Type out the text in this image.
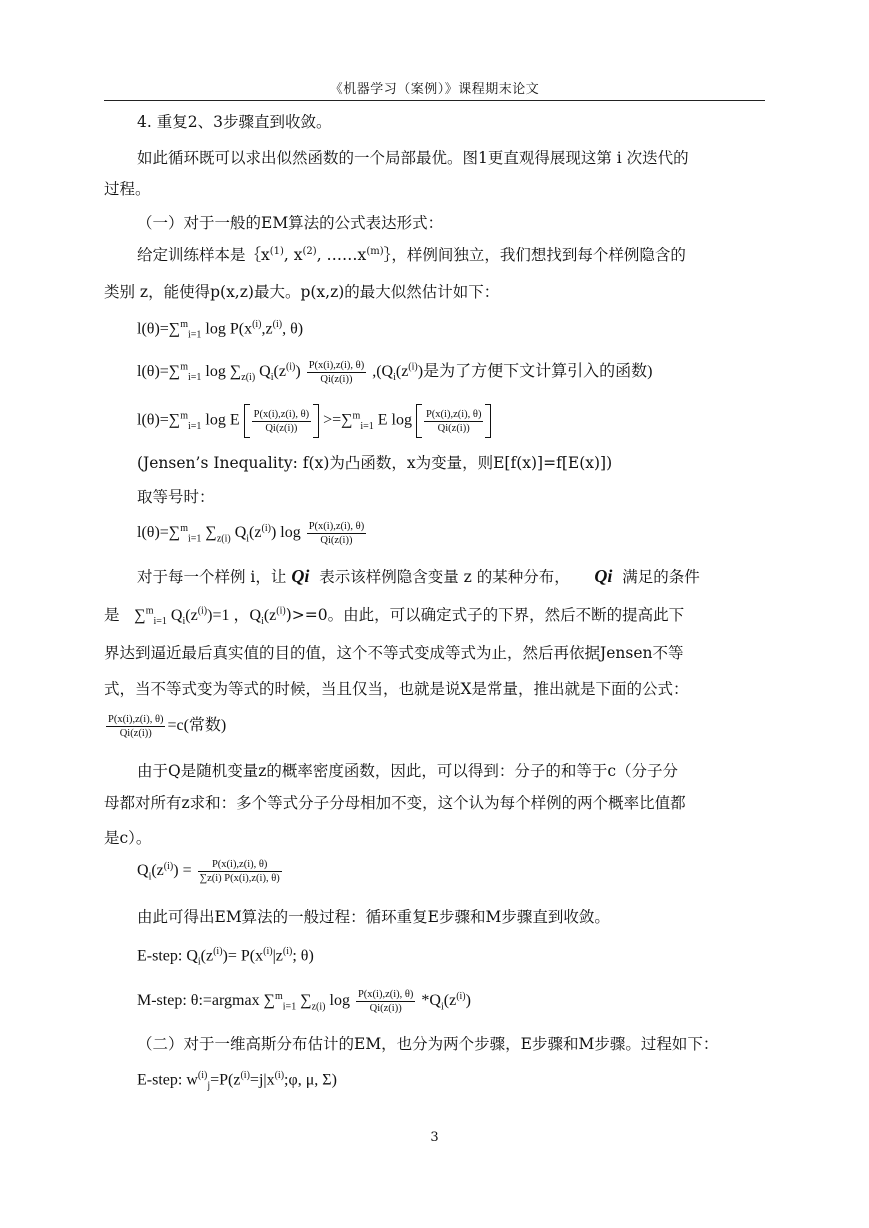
《机器学习（案例）》课程期末论文
4. 重复2、3步骤直到收敛。
如此循环既可以求出似然函数的一个局部最优。图1更直观得展现这第 i 次迭代的
过程。
（一）对于一般的EM算法的公式表达形式：
给定训练样本是$\{x^{(1)}$, $x^{(2)}$, $\dots\dots x^{(m)}\}$，样例间独立，我们想找到每个样例隐含的
类别 z，能使得p(x,z)最大。p(x,z)的最大似然估计如下：
l(θ)=∑$^m_{i=1}$ $\log P(x^{(i)},z^{(i)}$, θ)
l(θ)=∑$^m_{i=1}$ $\log \sum_{z(i)}$ $Q_i(z^{(i)}) \frac{P(x(i),z(i), \theta)}{Qi(z(i))} ,(Q_i(z^{(i)})$是为了方便下文计算引入的函数)
l(θ)=∑$^m_{i=1}$ log E $\frac{P(x(i),z(i), \theta)}{Qi(z(i))} >=\sum^m_{i=1}$ E $\log \frac{P(x(i),z(i), \theta)}{Qi(z(i))}$
(Jensen’s Inequality: f(x)为凸函数，x为变量，则E[f(x)]=f[E(x)])
取等号时：
l(θ)=∑$^m_{i=1}$ $\sum_{z(i)}$ $Q_i(z^{(i)})$ $\log \frac{P(x(i),z(i), \theta)}{Qi(z(i))}$
对于每一个样例 i，让 Qi 表示该样例隐含变量 z 的某种分布， Qi 满足的条件
是 ∑$^m_{i=1}$ $Q_i(z^{(i)})=1$ ，$Q_i(z^{(i)})>=0$。由此，可以确定式子的下界，然后不断的提高此下
界达到逼近最后真实值的目的值，这个不等式变成等式为止，然后再依据Jensen不等
式，当不等式变为等式的时候，当且仅当，也就是说X是常量，推出就是下面的公式：
$\frac{P(x(i),z(i), \theta)}{Qi(z(i))} =c$(常数)
由于Q是随机变量z的概率密度函数，因此，可以得到：分子的和等于c（分子分
母都对所有z求和：多个等式分子分母相加不变，这个认为每个样例的两个概率比值都
是c）。
$Q_i(z^{(i)}) = \frac{P(x(i),z(i), \theta)}{\sum z(i) P(x(i),z(i), \theta)}$
由此可得出EM算法的一般过程：循环重复E步骤和M步骤直到收敛。
E-step: $Q_i(z^{(i)})= P(x^{(i)}|z^{(i)}$; θ)
M-step: θ:=argmax ∑$^m_{i=1}$ $\sum_{z(i)}$ $\log \frac{P(x(i),z(i), \theta)}{Qi(z(i))} *Q_i(z^{(i)})$
（二）对于一维高斯分布估计的EM，也分为两个步骤，E步骤和M步骤。过程如下：
E-step: $w^{(i)}_j=P(z^{(i)}=j|x^{(i)};\varphi$, μ, Σ)
3
